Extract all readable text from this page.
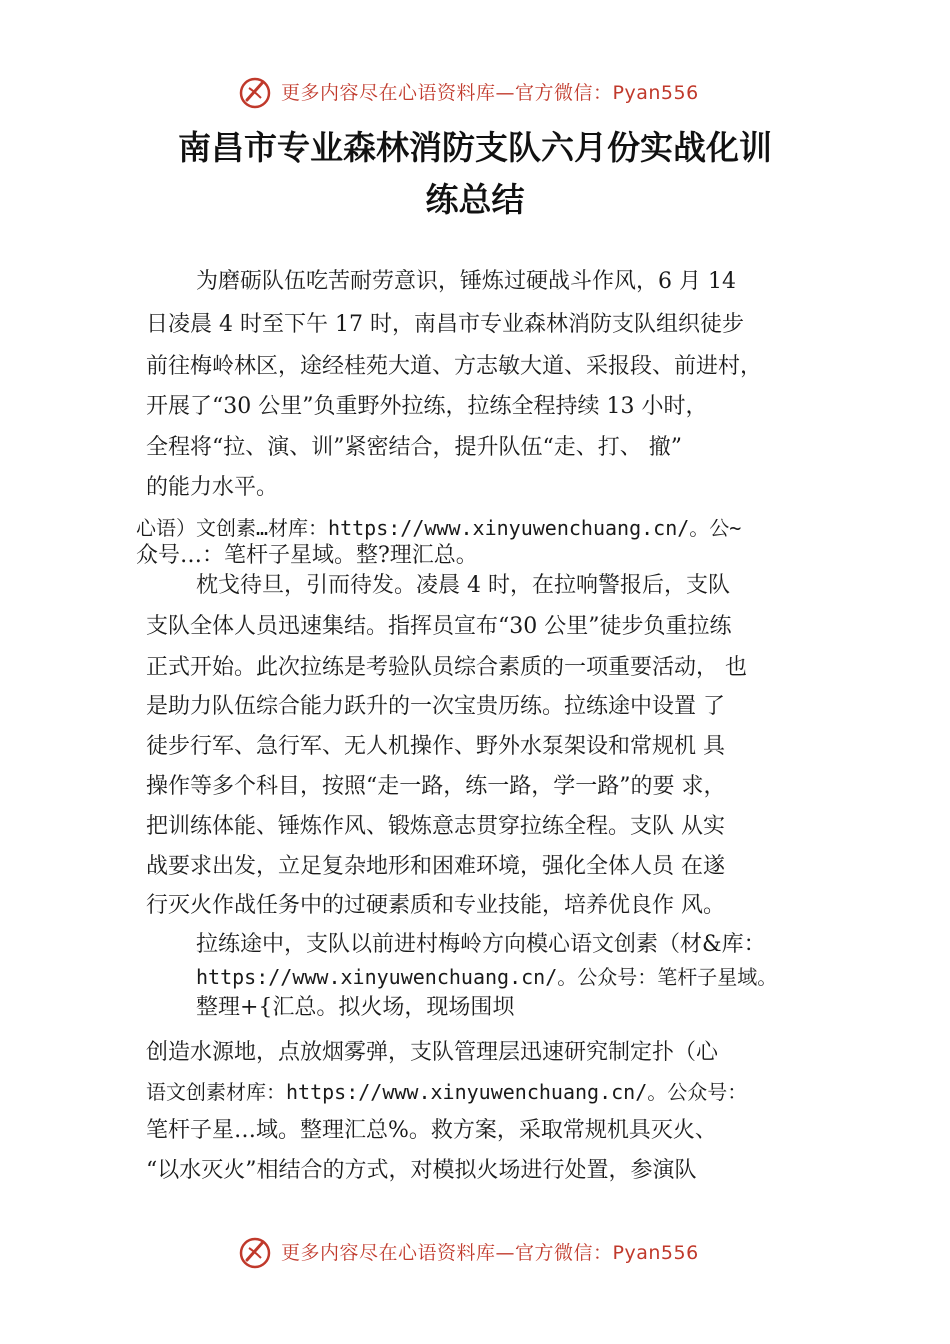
更多内容尽在心语资料库—官方微信：Pyan556
南昌市专业森林消防支队六月份实战化训
练总结
为磨砺队伍吃苦耐劳意识，锤炼过硬战斗作风，6 月 14
日凌晨 4 时至下午 17 时，南昌市专业森林消防支队组织徒步
前往梅岭林区，途经桂苑大道、方志敏大道、采报段、前进村，
开展了“30 公里”负重野外拉练，拉练全程持续 13 小时，
全程将“拉、演、训”紧密结合，提升队伍“走、打、 撤”
的能力水平。
心语）文创素…材库：https://www.xinyuwenchuang.cn/。公~
众号…：笔杆子星域。整?理汇总。
枕戈待旦，引而待发。凌晨 4 时，在拉响警报后，支队
支队全体人员迅速集结。指挥员宣布“30 公里”徒步负重拉练
正式开始。此次拉练是考验队员综合素质的一项重要活动， 也
是助力队伍综合能力跃升的一次宝贵历练。拉练途中设置 了
徒步行军、急行军、无人机操作、野外水泵架设和常规机 具
操作等多个科目，按照“走一路，练一路，学一路”的要 求，
把训练体能、锤炼作风、锻炼意志贯穿拉练全程。支队 从实
战要求出发，立足复杂地形和困难环境，强化全体人员 在遂
行灭火作战任务中的过硬素质和专业技能，培养优良作 风。
拉练途中，支队以前进村梅岭方向模心语文创素（材&库：
https://www.xinyuwenchuang.cn/。公众号：笔杆子星域。
整理+{汇总。拟火场，现场围坝
创造水源地，点放烟雾弹，支队管理层迅速研究制定扑（心
语文创素材库：https://www.xinyuwenchuang.cn/。公众号：
笔杆子星…域。整理汇总%。救方案，采取常规机具灭火、
“以水灭火”相结合的方式，对模拟火场进行处置，参演队
更多内容尽在心语资料库—官方微信：Pyan556
